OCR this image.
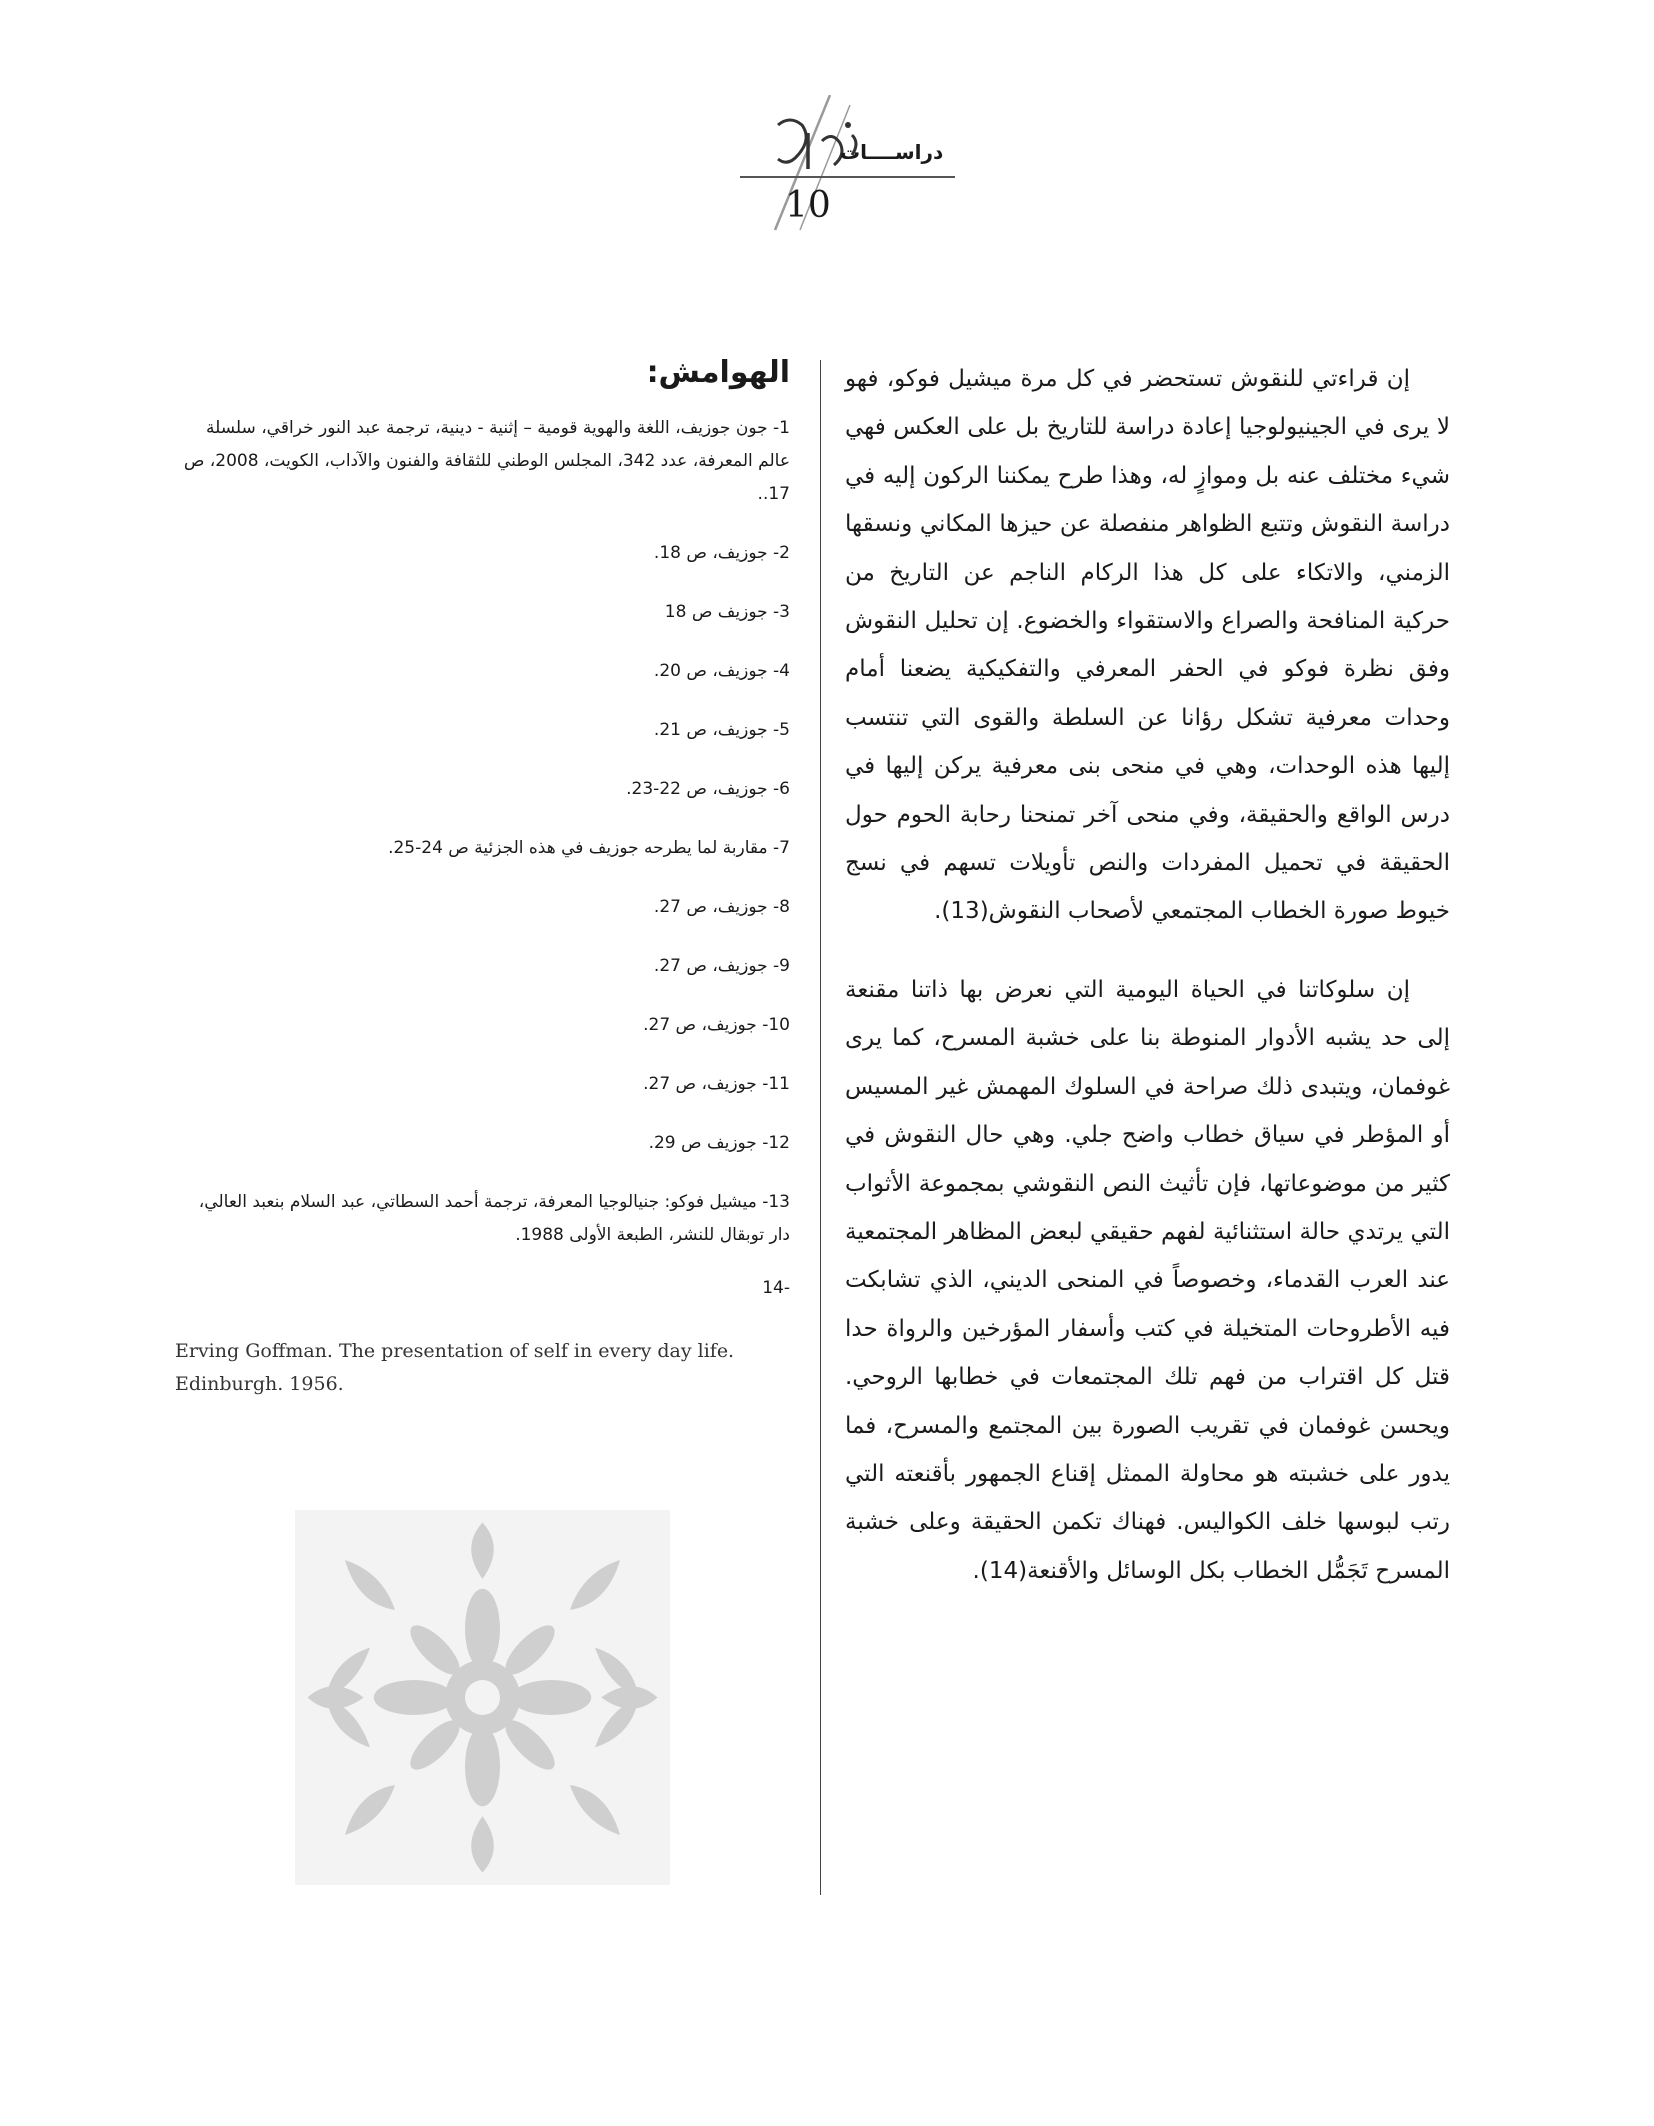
دراســــات
10

إن قراءتي للنقوش تستحضر في كل مرة ميشيل فوكو، فهو لا يرى في الجينيولوجيا إعادة دراسة للتاريخ بل على العكس فهي شيء مختلف عنه بل وموازٍ له، وهذا طرح يمكننا الركون إليه في دراسة النقوش وتتبع الظواهر منفصلة عن حيزها المكاني ونسقها الزمني، والاتكاء على كل هذا الركام الناجم عن التاريخ من حركية المنافحة والصراع والاستقواء والخضوع. إن تحليل النقوش وفق نظرة فوكو في الحفر المعرفي والتفكيكية يضعنا أمام وحدات معرفية تشكل رؤانا عن السلطة والقوى التي تنتسب إليها هذه الوحدات، وهي في منحى بنى معرفية يركن إليها في درس الواقع والحقيقة، وفي منحى آخر تمنحنا رحابة الحوم حول الحقيقة في تحميل المفردات والنص تأويلات تسهم في نسج خيوط صورة الخطاب المجتمعي لأصحاب النقوش(13).

إن سلوكاتنا في الحياة اليومية التي نعرض بها ذاتنا مقنعة إلى حد يشبه الأدوار المنوطة بنا على خشبة المسرح، كما يرى غوفمان، ويتبدى ذلك صراحة في السلوك المهمش غير المسيس أو المؤطر في سياق خطاب واضح جلي. وهي حال النقوش في كثير من موضوعاتها، فإن تأثيث النص النقوشي بمجموعة الأثواب التي يرتدي حالة استثنائية لفهم حقيقي لبعض المظاهر المجتمعية عند العرب القدماء، وخصوصاً في المنحى الديني، الذي تشابكت فيه الأطروحات المتخيلة في كتب وأسفار المؤرخين والرواة حدا قتل كل اقتراب من فهم تلك المجتمعات في خطابها الروحي. ويحسن غوفمان في تقريب الصورة بين المجتمع والمسرح، فما يدور على خشبته هو محاولة الممثل إقناع الجمهور بأقنعته التي رتب لبوسها خلف الكواليس. فهناك تكمن الحقيقة وعلى خشبة المسرح تَجَمُّل الخطاب بكل الوسائل والأقنعة(14).

الهوامش:
1- جون جوزيف، اللغة والهوية قومية – إثنية - دينية، ترجمة عبد النور خراقي، سلسلة عالم المعرفة، عدد 342، المجلس الوطني للثقافة والفنون والآداب، الكويت، 2008، ص 17..
2- جوزيف، ص 18.
3- جوزيف ص 18
4- جوزيف، ص 20.
5- جوزيف، ص 21.
6- جوزيف، ص 22-23.
7- مقاربة لما يطرحه جوزيف في هذه الجزئية ص 24-25.
8- جوزيف، ص 27.
9- جوزيف، ص 27.
10- جوزيف، ص 27.
11- جوزيف، ص 27.
12- جوزيف ص 29.
13- ميشيل فوكو: جنيالوجيا المعرفة، ترجمة أحمد السطاتي، عبد السلام بنعبد العالي، دار توبقال للنشر، الطبعة الأولى 1988.
-14
Erving Goffman. The presentation of self in every day life. Edinburgh. 1956.
